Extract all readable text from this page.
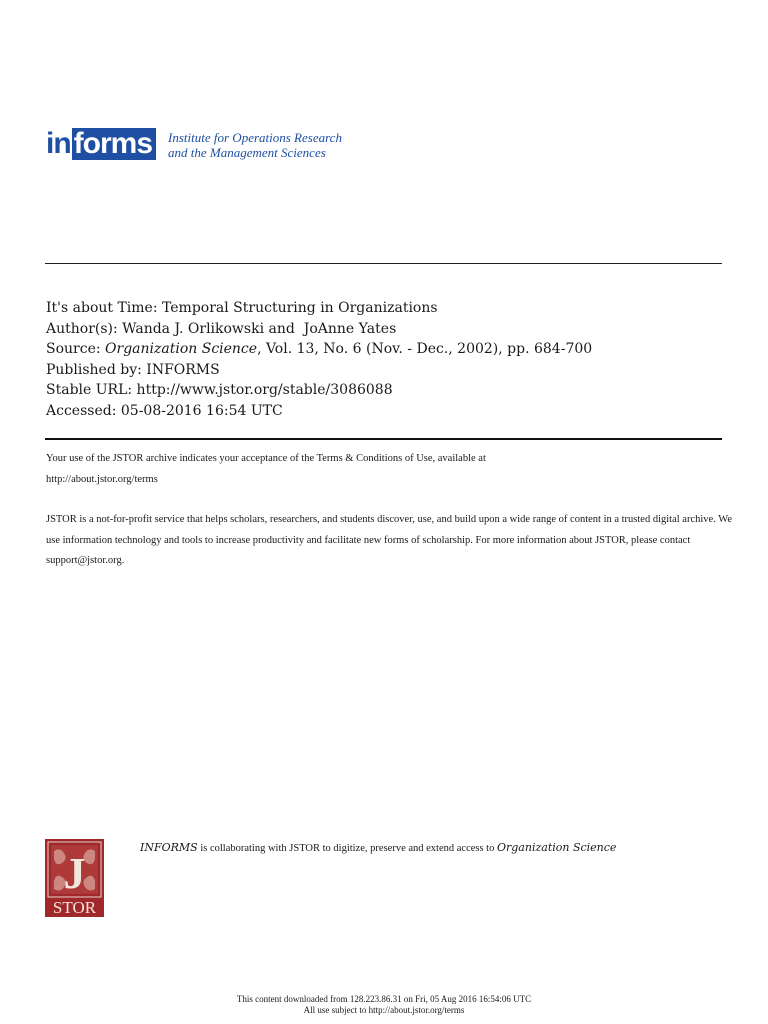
in forms	Institute for Operations Research
and the Management Sciences
It's about Time: Temporal Structuring in Organizations
Author(s): Wanda J. Orlikowski and  JoAnne Yates
Source: Organization Science, Vol. 13, No. 6 (Nov. - Dec., 2002), pp. 684-700
Published by: INFORMS
Stable URL: http://www.jstor.org/stable/3086088
Accessed: 05-08-2016 16:54 UTC

Your use of the JSTOR archive indicates your acceptance of the Terms & Conditions of Use, available at
http://about.jstor.org/terms

JSTOR is a not-for-profit service that helps scholars, researchers, and students discover, use, and build upon a wide range of content in a trusted digital archive. We use information technology and tools to increase productivity and facilitate new forms of scholarship. For more information about JSTOR, please contact support@jstor.org.

J
STOR
INFORMS is collaborating with JSTOR to digitize, preserve and extend access to Organization Science
This content downloaded from 128.223.86.31 on Fri, 05 Aug 2016 16:54:06 UTC
All use subject to http://about.jstor.org/terms
